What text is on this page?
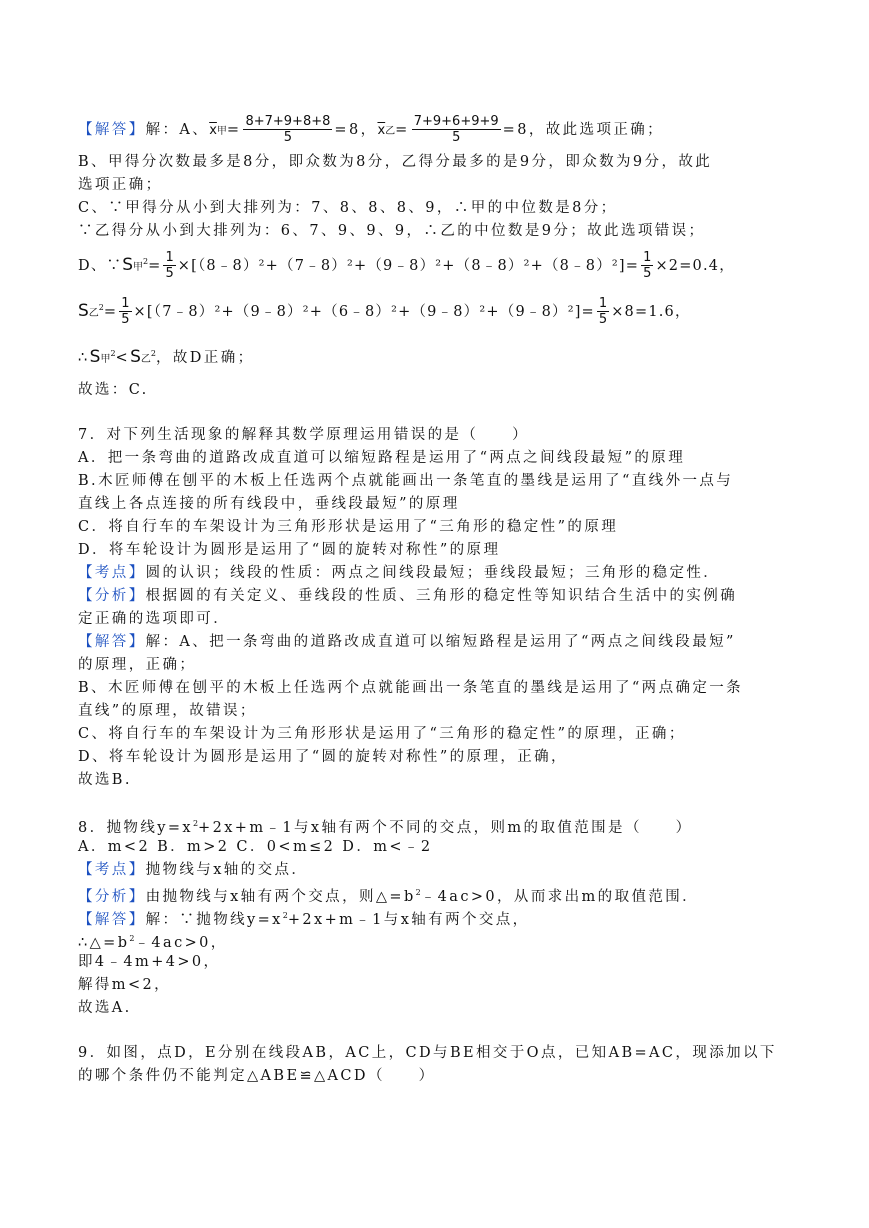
【解答】解：A、$\overline{x}$甲= $\frac{8+7+9+8+8}{5} =8$，$\overline{x}$乙= $\frac{7+9+6+9+9}{5} =8$，故此选项正确；
B、甲得分次数最多是8分，即众数为8分，乙得分最多的是9分，即众数为9分，故此
选项正确；
C、∵甲得分从小到大排列为：7、8、8、8、9，∴甲的中位数是8分；
∵乙得分从小到大排列为：6、7、9、9、9，∴乙的中位数是9分；故此选项错误；
D、∵S甲$^2= \frac{1}{5}$ ×[（8﹣8）²+（7﹣8）²+（9﹣8）²+（8﹣8）²+（8﹣8）²]= $\frac{1}{5} \times 2=0.4$，
S乙$^2= \frac{1}{5}$ ×[（7﹣8）²+（9﹣8）²+（6﹣8）²+（9﹣8）²+（9﹣8）²]= $\frac{1}{5} \times 8=1.6$，
∴S甲$^2$<S乙$^2$，故D正确；
故选：C.
7．对下列生活现象的解释其数学原理运用错误的是（　　）
A．把一条弯曲的道路改成直道可以缩短路程是运用了“两点之间线段最短”的原理
B.木匠师傅在刨平的木板上任选两个点就能画出一条笔直的墨线是运用了“直线外一点与
直线上各点连接的所有线段中，垂线段最短”的原理
C．将自行车的车架设计为三角形形状是运用了“三角形的稳定性”的原理
D．将车轮设计为圆形是运用了“圆的旋转对称性”的原理
【考点】圆的认识；线段的性质：两点之间线段最短；垂线段最短；三角形的稳定性．
【分析】根据圆的有关定义、垂线段的性质、三角形的稳定性等知识结合生活中的实例确
定正确的选项即可．
【解答】解：A、把一条弯曲的道路改成直道可以缩短路程是运用了“两点之间线段最短”
的原理，正确；
B、木匠师傅在刨平的木板上任选两个点就能画出一条笔直的墨线是运用了“两点确定一条
直线”的原理，故错误；
C、将自行车的车架设计为三角形形状是运用了“三角形的稳定性”的原理，正确；
D、将车轮设计为圆形是运用了“圆的旋转对称性”的原理，正确，
故选B.
8．抛物线$y=x^2+2x+m﹣1$与x轴有两个不同的交点，则m的取值范围是（　　）
A．m<2 B．m>2 C．0<m≤2 D．m<﹣2
【考点】抛物线与x轴的交点．
【分析】由抛物线与x轴有两个交点，则$\triangle=b^2﹣4ac>0$，从而求出m的取值范围．
【解答】解：∵抛物线$y=x^2+2x+m﹣1$与x轴有两个交点，
$\therefore\triangle=b^2﹣4ac>0$，
即4﹣4m+4>0，
解得m<2，
故选A.
9．如图，点D，E分别在线段AB，AC上，CD与BE相交于O点，已知AB=AC，现添加以下
的哪个条件仍不能判定△ABE≌△ACD（　　）
